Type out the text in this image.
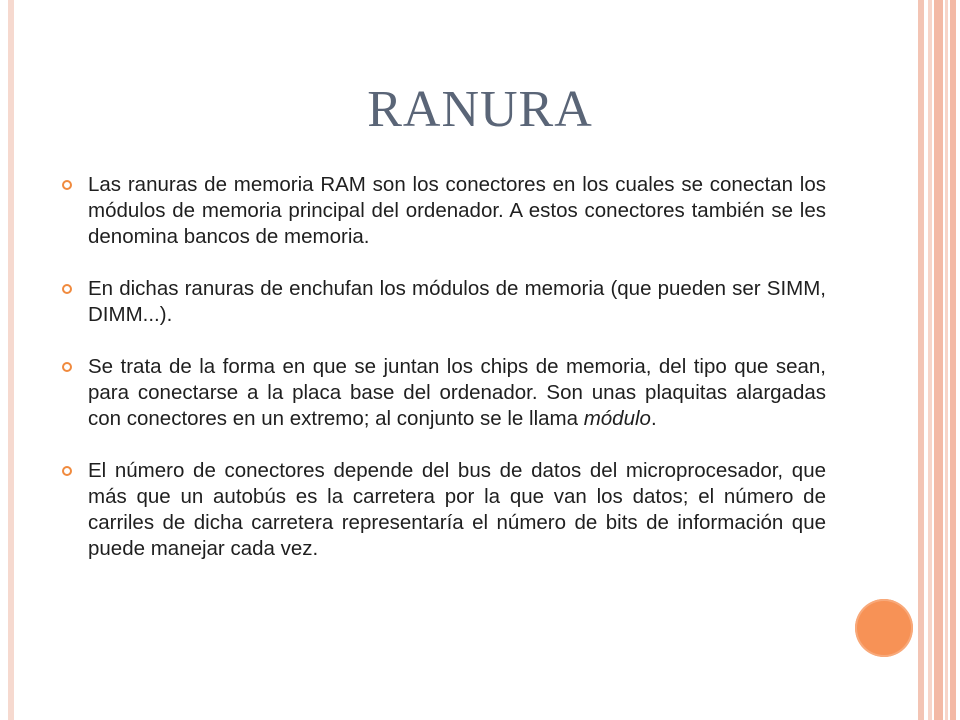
RANURA
Las ranuras de memoria RAM son los conectores en los cuales se conectan los módulos de memoria principal del ordenador. A estos conectores también se les denomina bancos de memoria.
En dichas ranuras de enchufan los módulos de memoria (que pueden ser SIMM, DIMM...).
Se trata de la forma en que se juntan los chips de memoria, del tipo que sean, para conectarse a la placa base del ordenador. Son unas plaquitas alargadas con conectores en un extremo; al conjunto se le llama módulo.
El número de conectores depende del bus de datos del microprocesador, que más que un autobús es la carretera por la que van los datos; el número de carriles de dicha carretera representaría el número de bits de información que puede manejar cada vez.
